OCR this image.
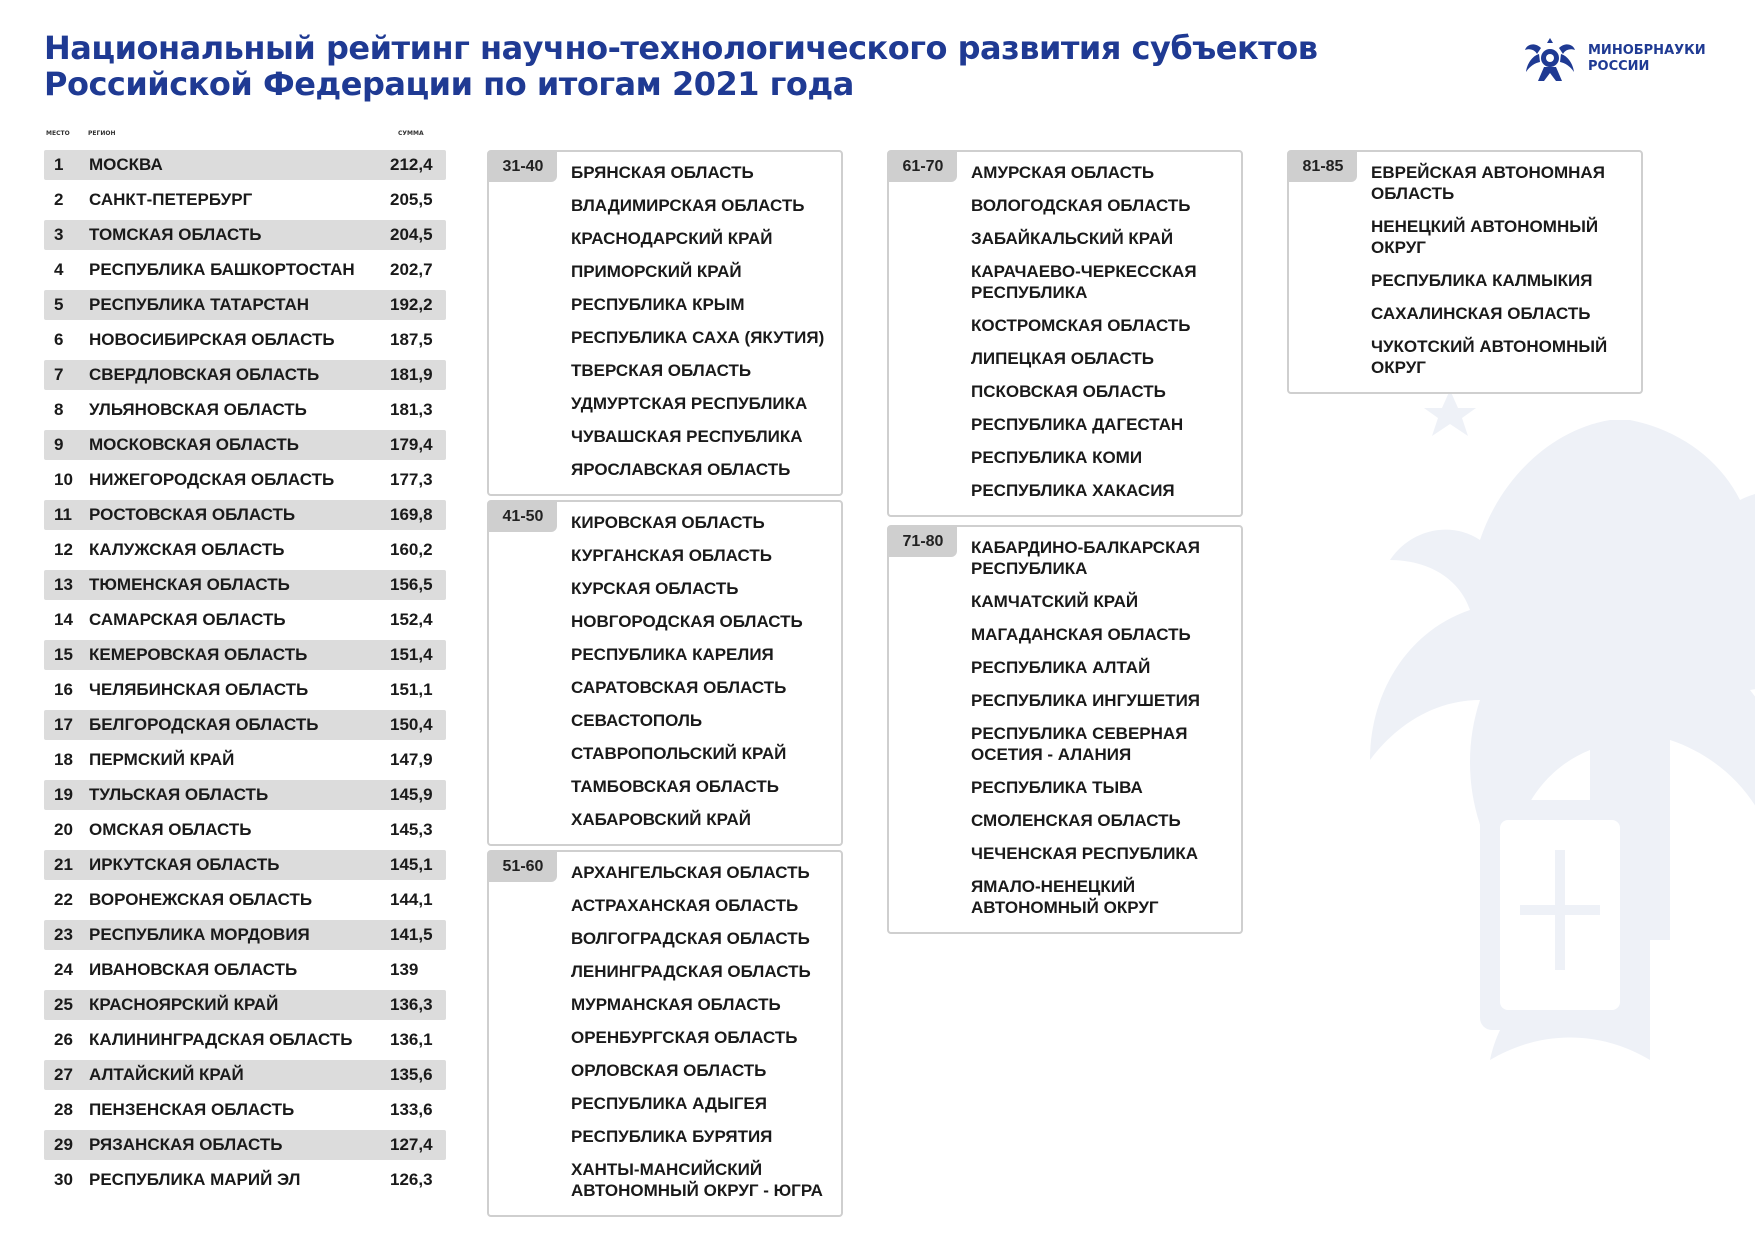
Национальный рейтинг научно-технологического развития субъектов
Российской Федерации по итогам 2021 года
МИНОБРНАУКИ
РОССИИ
МЕСТО	РЕГИОН	СУММА
1	МОСКВА	212,4
2	САНКТ-ПЕТЕРБУРГ	205,5
3	ТОМСКАЯ ОБЛАСТЬ	204,5
4	РЕСПУБЛИКА БАШКОРТОСТАН	202,7
5	РЕСПУБЛИКА ТАТАРСТАН	192,2
6	НОВОСИБИРСКАЯ ОБЛАСТЬ	187,5
7	СВЕРДЛОВСКАЯ ОБЛАСТЬ	181,9
8	УЛЬЯНОВСКАЯ ОБЛАСТЬ	181,3
9	МОСКОВСКАЯ ОБЛАСТЬ	179,4
10 НИЖЕГОРОДСКАЯ ОБЛАСТЬ	177,3
11	РОСТОВСКАЯ ОБЛАСТЬ	169,8
12 КАЛУЖСКАЯ ОБЛАСТЬ	160,2
13 ТЮМЕНСКАЯ ОБЛАСТЬ	156,5
14 САМАРСКАЯ ОБЛАСТЬ	152,4
15 КЕМЕРОВСКАЯ ОБЛАСТЬ	151,4
16 ЧЕЛЯБИНСКАЯ ОБЛАСТЬ	151,1
17 БЕЛГОРОДСКАЯ ОБЛАСТЬ	150,4
18 ПЕРМСКИЙ КРАЙ	147,9
19 ТУЛЬСКАЯ ОБЛАСТЬ	145,9
20 ОМСКАЯ ОБЛАСТЬ	145,3
21 ИРКУТСКАЯ ОБЛАСТЬ	145,1
22 ВОРОНЕЖСКАЯ ОБЛАСТЬ	144,1
23 РЕСПУБЛИКА МОРДОВИЯ	141,5
24 ИВАНОВСКАЯ ОБЛАСТЬ	139
25 КРАСНОЯРСКИЙ КРАЙ	136,3
26 КАЛИНИНГРАДСКАЯ ОБЛАСТЬ	136,1
27 АЛТАЙСКИЙ КРАЙ	135,6
28 ПЕНЗЕНСКАЯ ОБЛАСТЬ	133,6
29 РЯЗАНСКАЯ ОБЛАСТЬ	127,4
30 РЕСПУБЛИКА МАРИЙ ЭЛ	126,3
31-40	БРЯНСКАЯ ОБЛАСТЬ
ВЛАДИМИРСКАЯ ОБЛАСТЬ
КРАСНОДАРСКИЙ КРАЙ
ПРИМОРСКИЙ КРАЙ
РЕСПУБЛИКА КРЫМ
РЕСПУБЛИКА САХА (ЯКУТИЯ)
ТВЕРСКАЯ ОБЛАСТЬ
УДМУРТСКАЯ РЕСПУБЛИКА
ЧУВАШСКАЯ РЕСПУБЛИКА
ЯРОСЛАВСКАЯ ОБЛАСТЬ
41-50	КИРОВСКАЯ ОБЛАСТЬ
КУРГАНСКАЯ ОБЛАСТЬ
КУРСКАЯ ОБЛАСТЬ
НОВГОРОДСКАЯ ОБЛАСТЬ
РЕСПУБЛИКА КАРЕЛИЯ
САРАТОВСКАЯ ОБЛАСТЬ
СЕВАСТОПОЛЬ
СТАВРОПОЛЬСКИЙ КРАЙ
ТАМБОВСКАЯ ОБЛАСТЬ
ХАБАРОВСКИЙ КРАЙ
51-60	АРХАНГЕЛЬСКАЯ ОБЛАСТЬ
АСТРАХАНСКАЯ ОБЛАСТЬ
ВОЛГОГРАДСКАЯ ОБЛАСТЬ
ЛЕНИНГРАДСКАЯ ОБЛАСТЬ
МУРМАНСКАЯ ОБЛАСТЬ
ОРЕНБУРГСКАЯ ОБЛАСТЬ
ОРЛОВСКАЯ ОБЛАСТЬ
РЕСПУБЛИКА АДЫГЕЯ
РЕСПУБЛИКА БУРЯТИЯ
ХАНТЫ-МАНСИЙСКИЙ АВТОНОМНЫЙ ОКРУГ - ЮГРА
61-70	АМУРСКАЯ ОБЛАСТЬ
ВОЛОГОДСКАЯ ОБЛАСТЬ
ЗАБАЙКАЛЬСКИЙ КРАЙ
КАРАЧАЕВО-ЧЕРКЕССКАЯ РЕСПУБЛИКА
КОСТРОМСКАЯ ОБЛАСТЬ
ЛИПЕЦКАЯ ОБЛАСТЬ
ПСКОВСКАЯ ОБЛАСТЬ
РЕСПУБЛИКА ДАГЕСТАН
РЕСПУБЛИКА КОМИ
РЕСПУБЛИКА ХАКАСИЯ
71-80	КАБАРДИНО-БАЛКАРСКАЯ РЕСПУБЛИКА
КАМЧАТСКИЙ КРАЙ
МАГАДАНСКАЯ ОБЛАСТЬ
РЕСПУБЛИКА АЛТАЙ
РЕСПУБЛИКА ИНГУШЕТИЯ
РЕСПУБЛИКА СЕВЕРНАЯ ОСЕТИЯ - АЛАНИЯ
РЕСПУБЛИКА ТЫВА
СМОЛЕНСКАЯ ОБЛАСТЬ
ЧЕЧЕНСКАЯ РЕСПУБЛИКА
ЯМАЛО-НЕНЕЦКИЙ АВТОНОМНЫЙ ОКРУГ
81-85	ЕВРЕЙСКАЯ АВТОНОМНАЯ ОБЛАСТЬ
НЕНЕЦКИЙ АВТОНОМНЫЙ ОКРУГ
РЕСПУБЛИКА КАЛМЫКИЯ
САХАЛИНСКАЯ ОБЛАСТЬ
ЧУКОТСКИЙ АВТОНОМНЫЙ ОКРУГ
